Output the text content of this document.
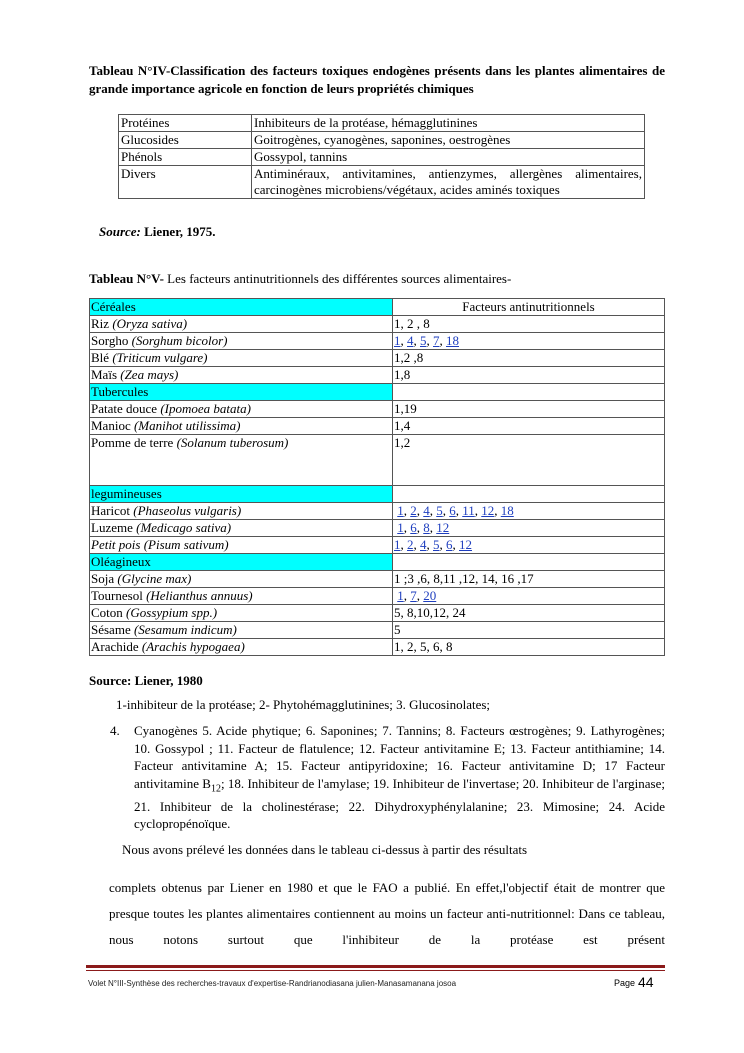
Tableau N°IV-Classification des facteurs toxiques endogènes présents dans les plantes alimentaires de grande importance agricole en fonction de leurs propriétés chimiques
Protéines	Inhibiteurs de la protéase, hémagglutinines
Glucosides	Goitrogènes, cyanogènes, saponines, oestrogènes
Phénols	Gossypol, tannins
Divers	Antiminéraux, antivitamines, antienzymes, allergènes alimentaires, carcinogènes microbiens/végétaux, acides aminés toxiques
Source: Liener, 1975.
Tableau N°V- Les facteurs antinutritionnels des différentes sources alimentaires-
Céréales	Facteurs antinutritionnels
Riz (Oryza sativa)	1, 2 , 8
Sorgho (Sorghum bicolor)	1, 4, 5, 7, 18
Blé (Triticum vulgare)	1,2 ,8
Maïs (Zea mays)	1,8
Tubercules	
Patate douce (Ipomoea batata)	1,19
Manioc (Manihot utilissima)	1,4
Pomme de terre (Solanum tuberosum)	1,2
legumineuses	
Haricot (Phaseolus vulgaris)	1, 2, 4, 5, 6, 11, 12, 18
Luzeme (Medicago sativa)	1, 6, 8, 12
Petit pois (Pisum sativum)	1, 2, 4, 5, 6, 12
Oléagineux	
Soja (Glycine max)	1 ;3 ,6, 8,11 ,12, 14, 16 ,17
Tournesol (Helianthus annuus)	1, 7, 20
Coton (Gossypium spp.)	5, 8,10,12, 24
Sésame (Sesamum indicum)	5
Arachide (Arachis hypogaea)	1, 2, 5, 6, 8
Source: Liener, 1980
1-inhibiteur de la protéase; 2- Phytohémagglutinines; 3. Glucosinolates;
4. Cyanogènes 5. Acide phytique; 6. Saponines; 7. Tannins; 8. Facteurs œstrogènes; 9. Lathyrogènes; 10. Gossypol ; 11. Facteur de flatulence; 12. Facteur antivitamine E; 13. Facteur antithiamine; 14. Facteur antivitamine A; 15. Facteur antipyridoxine; 16. Facteur antivitamine D; 17 Facteur antivitamine $B_{12}$; 18. Inhibiteur de l'amylase; 19. Inhibiteur de l'invertase; 20. Inhibiteur de l'arginase; 21. Inhibiteur de la cholinestérase; 22. Dihydroxyphénylalanine; 23. Mimosine; 24. Acide cyclopropénoïque.
Nous avons prélevé les données dans le tableau ci-dessus à partir des résultats
complets obtenus par Liener en 1980 et que le FAO a publié. En effet,l'objectif était de montrer que presque toutes les plantes alimentaires contiennent au moins un facteur anti-nutritionnel: Dans ce tableau, nous notons surtout que l'inhibiteur de la protéase est présent
Volet N°III-Synthèse des recherches-travaux d'expertise-Randrianodiasana julien-Manasamanana josoa	Page 44
